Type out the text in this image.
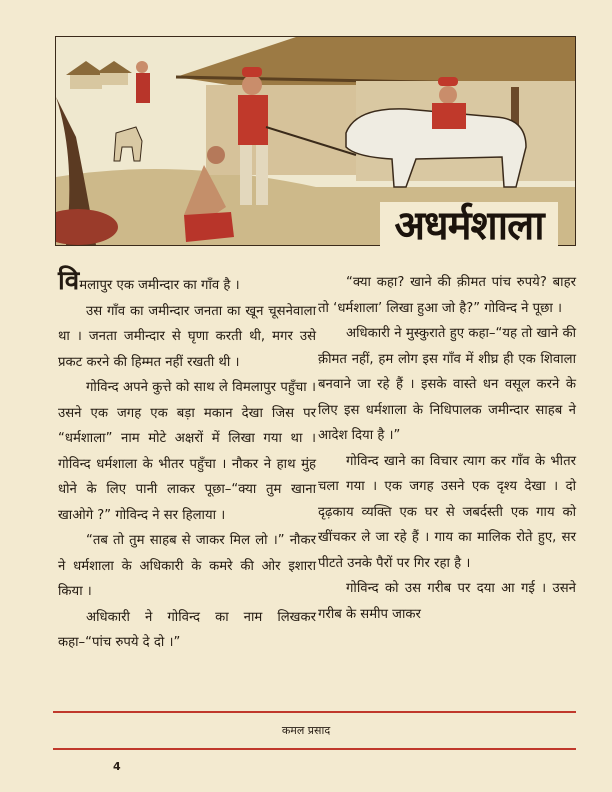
अधर्मशाला

विमलापुर एक जमीन्दार का गाँव है ।

उस गाँव का जमीन्दार जनता का खून चूसनेवाला था । जनता जमीन्दार से घृणा करती थी, मगर उसे प्रकट करने की हिम्मत नहीं रखती थी ।

गोविन्द अपने कुत्ते को साथ ले विमलापुर पहुँचा । उसने एक जगह एक बड़ा मकान देखा जिस पर “धर्मशाला” नाम मोटे अक्षरों में लिखा गया था । गोविन्द धर्मशाला के भीतर पहुँचा । नौकर ने हाथ मुंह धोने के लिए पानी लाकर पूछा–“क्या तुम खाना खाओगे ?” गोविन्द ने सर हिलाया ।

“तब तो तुम साहब से जाकर मिल लो ।” नौकर ने धर्मशाला के अधिकारी के कमरे की ओर इशारा किया ।

अधिकारी ने गोविन्द का नाम लिखकर कहा–“पांच रुपये दे दो ।”

“क्या कहा? खाने की क़ीमत पांच रुपये? बाहर तो ‘धर्मशाला’ लिखा हुआ जो है?” गोविन्द ने पूछा ।

अधिकारी ने मुस्कुराते हुए कहा–“यह तो खाने की क़ीमत नहीं, हम लोग इस गाँव में शीघ्र ही एक शिवाला बनवाने जा रहे हैं । इसके वास्ते धन वसूल करने के लिए इस धर्मशाला के निधिपालक जमीन्दार साहब ने आदेश दिया है ।”

गोविन्द खाने का विचार त्याग कर गाँव के भीतर चला गया । एक जगह उसने एक दृश्य देखा । दो दृढ़काय व्यक्ति एक घर से जबर्दस्ती एक गाय को खींचकर ले जा रहे हैं । गाय का मालिक रोते हुए, सर पीटते उनके पैरों पर गिर रहा है ।

गोविन्द को उस गरीब पर दया आ गई । उसने गरीब के समीप जाकर

कमल प्रसाद
4
